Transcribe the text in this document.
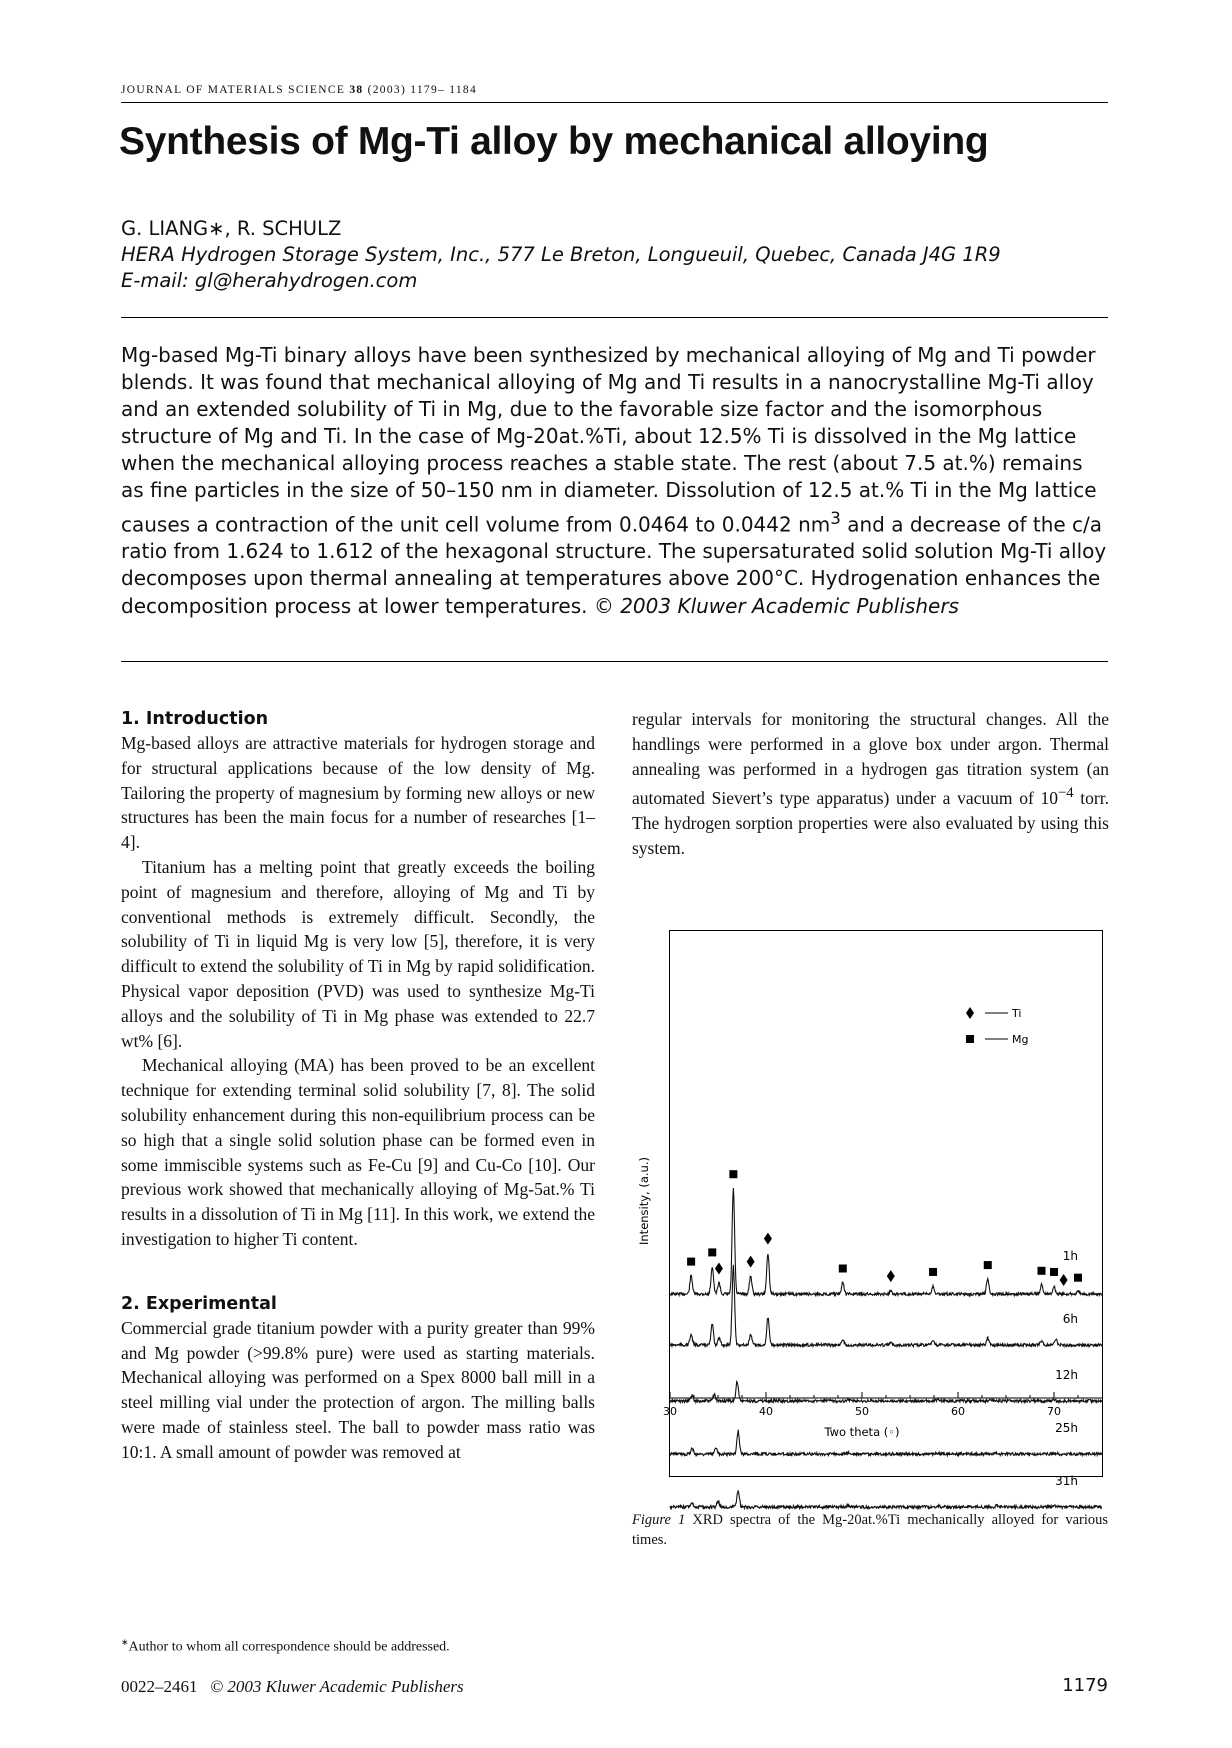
JOURNAL OF MATERIALS SCIENCE 38 (2003) 1179– 1184
Synthesis of Mg-Ti alloy by mechanical alloying
G. LIANG∗, R. SCHULZ
HERA Hydrogen Storage System, Inc., 577 Le Breton, Longueuil, Quebec, Canada J4G 1R9
E-mail: gl@herahydrogen.com
Mg-based Mg-Ti binary alloys have been synthesized by mechanical alloying of Mg and Ti powder blends. It was found that mechanical alloying of Mg and Ti results in a nanocrystalline Mg-Ti alloy and an extended solubility of Ti in Mg, due to the favorable size factor and the isomorphous structure of Mg and Ti. In the case of Mg-20at.%Ti, about 12.5% Ti is dissolved in the Mg lattice when the mechanical alloying process reaches a stable state. The rest (about 7.5 at.%) remains as fine particles in the size of 50–150 nm in diameter. Dissolution of 12.5 at.% Ti in the Mg lattice causes a contraction of the unit cell volume from 0.0464 to 0.0442 $nm^3$ and a decrease of the c/a ratio from 1.624 to 1.612 of the hexagonal structure. The supersaturated solid solution Mg-Ti alloy decomposes upon thermal annealing at temperatures above 200°C. Hydrogenation enhances the decomposition process at lower temperatures. © 2003 Kluwer Academic Publishers
1. Introduction

Mg-based alloys are attractive materials for hydrogen storage and for structural applications because of the low density of Mg. Tailoring the property of magnesium by forming new alloys or new structures has been the main focus for a number of researches [1–4].

Titanium has a melting point that greatly exceeds the boiling point of magnesium and therefore, alloying of Mg and Ti by conventional methods is extremely difficult. Secondly, the solubility of Ti in liquid Mg is very low [5], therefore, it is very difficult to extend the solubility of Ti in Mg by rapid solidification. Physical vapor deposition (PVD) was used to synthesize Mg-Ti alloys and the solubility of Ti in Mg phase was extended to 22.7 wt% [6].

Mechanical alloying (MA) has been proved to be an excellent technique for extending terminal solid solubility [7, 8]. The solid solubility enhancement during this non-equilibrium process can be so high that a single solid solution phase can be formed even in some immiscible systems such as Fe-Cu [9] and Cu-Co [10]. Our previous work showed that mechanically alloying of Mg-5at.% Ti results in a dissolution of Ti in Mg [11]. In this work, we extend the investigation to higher Ti content.

2. Experimental

Commercial grade titanium powder with a purity greater than 99% and Mg powder (>99.8% pure) were used as starting materials. Mechanical alloying was performed on a Spex 8000 ball mill in a steel milling vial under the protection of argon. The milling balls were made of stainless steel. The ball to powder mass ratio was 10:1. A small amount of powder was removed at

regular intervals for monitoring the structural changes. All the handlings were performed in a glove box under argon. Thermal annealing was performed in a hydrogen gas titration system (an automated Sievert’s type apparatus) under a vacuum of $10^{-4}$ torr. The hydrogen sorption properties were also evaluated by using this system.

30	40	50	60	70
Two theta (◦)
Intensity, (a.u.)
1h
6h
12h
25h
31h
Ti
Mg
Figure 1 XRD spectra of the Mg-20at.%Ti mechanically alloyed for various times.
∗Author to whom all correspondence should be addressed.
0022–2461 © 2003 Kluwer Academic Publishers	1179
